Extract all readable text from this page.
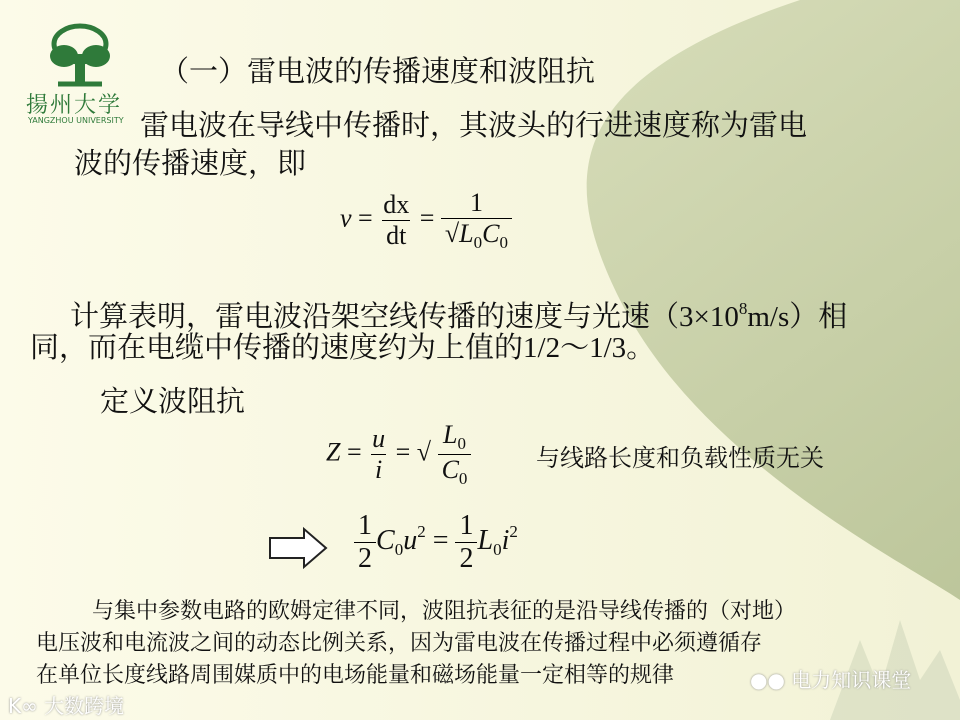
揚州大学
YANGZHOU UNIVERSITY
（一）雷电波的传播速度和波阻抗
雷电波在导线中传播时，其波头的行进速度称为雷电
波的传播速度，即
$v = \frac{dx}{dt} = \frac{1}{√L_0C_0}$
计算表明，雷电波沿架空线传播的速度与光速$(3\times 10^8m/s)$相
同，而在电缆中传播的速度约为上值的1/2～1/3。
定义波阻抗
$Z = \frac{u}{i}$ = √ $\frac{L_0}{C_0}$	与线路长度和负载性质无关
$\frac{1}{2} C_0u^2 = \frac{1}{2} L_0i^2$
与集中参数电路的欧姆定律不同，波阻抗表征的是沿导线传播的（对地）
电压波和电流波之间的动态比例关系，因为雷电波在传播过程中必须遵循存
在单位长度线路周围媒质中的电场能量和磁场能量一定相等的规律
K∞ 大数跨境
●● 电力知识课堂
